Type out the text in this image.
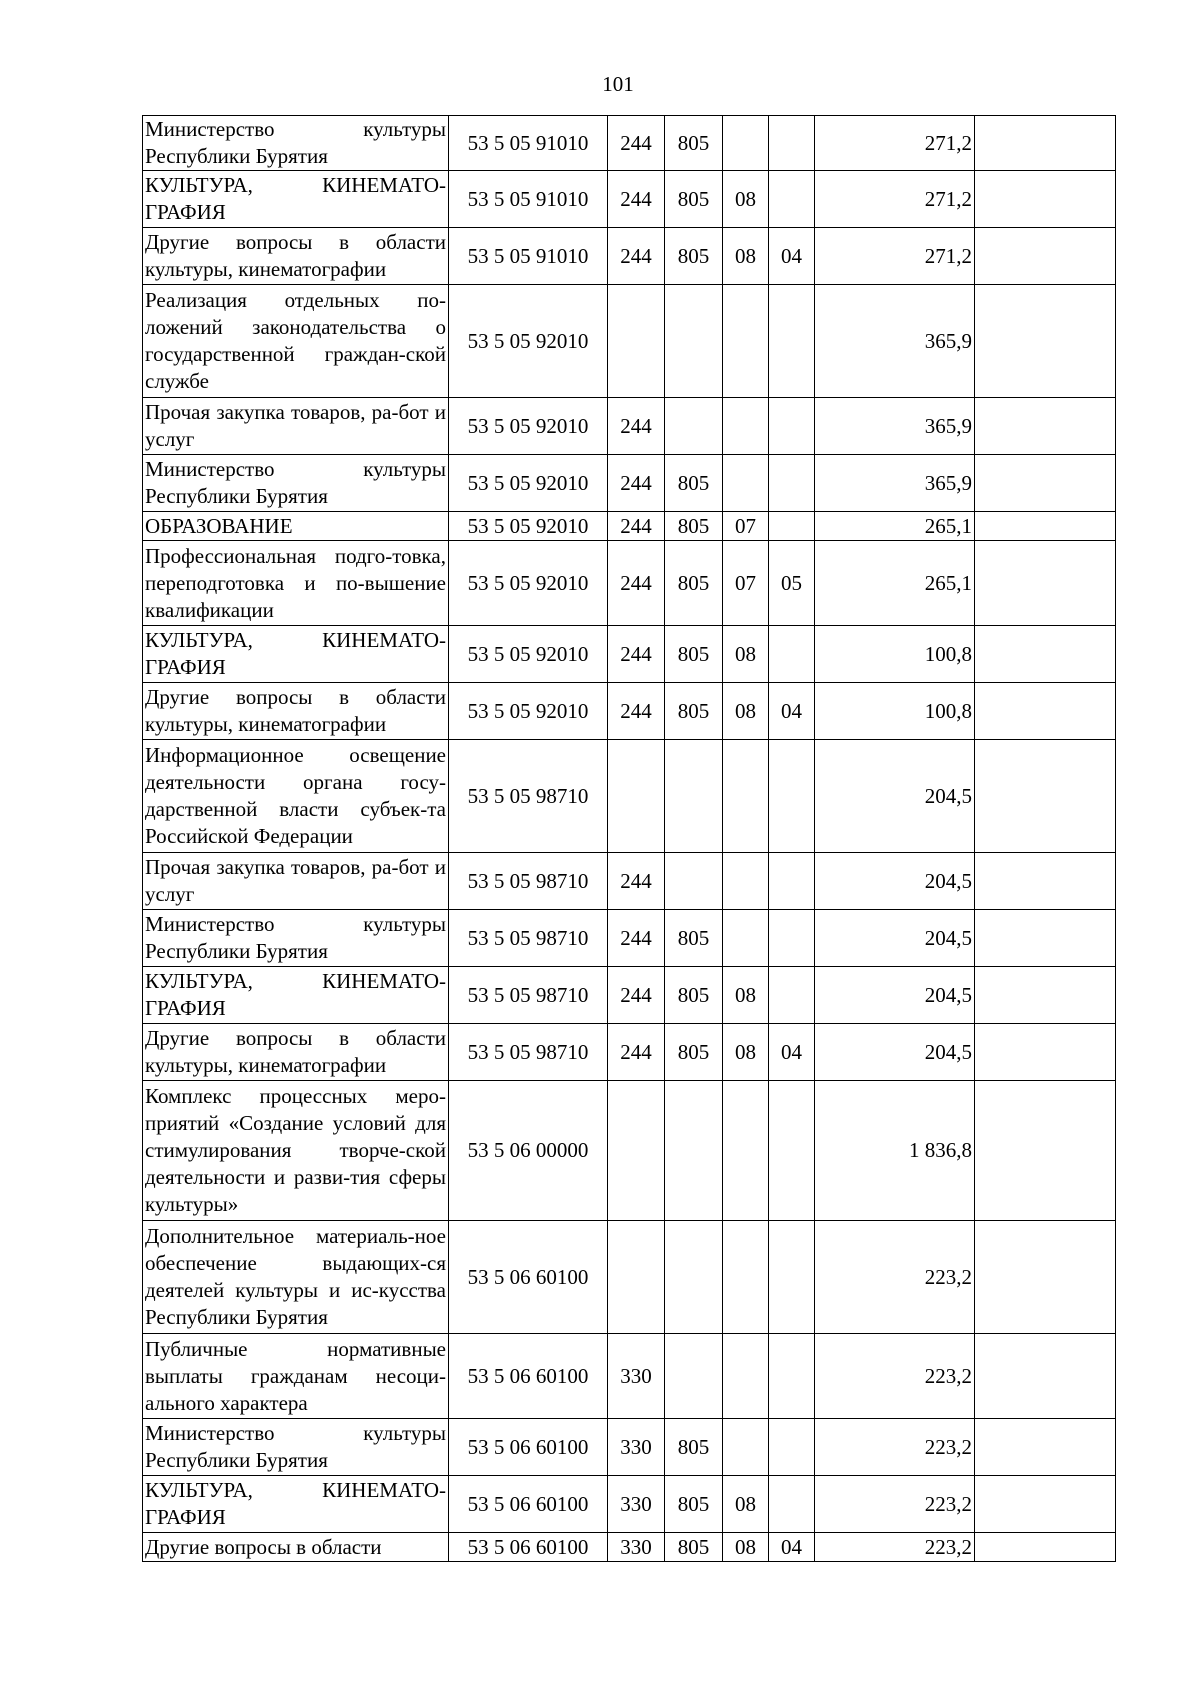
101
Министерство культуры Республики Бурятия	53 5 05 91010	244	805			271,2	
КУЛЬТУРА, КИНЕМАТО-ГРАФИЯ	53 5 05 91010	244	805	08		271,2	
Другие вопросы в области культуры, кинематографии	53 5 05 91010	244	805	08	04	271,2	
Реализация отдельных по-ложений законодательства о государственной граждан-ской службе	53 5 05 92010					365,9	
Прочая закупка товаров, ра-бот и услуг	53 5 05 92010	244				365,9	
Министерство культуры Республики Бурятия	53 5 05 92010	244	805			365,9	
ОБРАЗОВАНИЕ	53 5 05 92010	244	805	07		265,1	
Профессиональная подго-товка, переподготовка и по-вышение квалификации	53 5 05 92010	244	805	07	05	265,1	
КУЛЬТУРА, КИНЕМАТО-ГРАФИЯ	53 5 05 92010	244	805	08		100,8	
Другие вопросы в области культуры, кинематографии	53 5 05 92010	244	805	08	04	100,8	
Информационное освещение деятельности органа госу-дарственной власти субъек-та Российской Федерации	53 5 05 98710					204,5	
Прочая закупка товаров, ра-бот и услуг	53 5 05 98710	244				204,5	
Министерство культуры Республики Бурятия	53 5 05 98710	244	805			204,5	
КУЛЬТУРА, КИНЕМАТО-ГРАФИЯ	53 5 05 98710	244	805	08		204,5	
Другие вопросы в области культуры, кинематографии	53 5 05 98710	244	805	08	04	204,5	
Комплекс процессных меро-приятий «Создание условий для стимулирования творче-ской деятельности и разви-тия сферы культуры»	53 5 06 00000					1 836,8	
Дополнительное материаль-ное обеспечение выдающих-ся деятелей культуры и ис-кусства Республики Бурятия	53 5 06 60100					223,2	
Публичные нормативные выплаты гражданам несоци-ального характера	53 5 06 60100	330				223,2	
Министерство культуры Республики Бурятия	53 5 06 60100	330	805			223,2	
КУЛЬТУРА, КИНЕМАТО-ГРАФИЯ	53 5 06 60100	330	805	08		223,2	
Другие вопросы в области	53 5 06 60100	330	805	08	04	223,2	
